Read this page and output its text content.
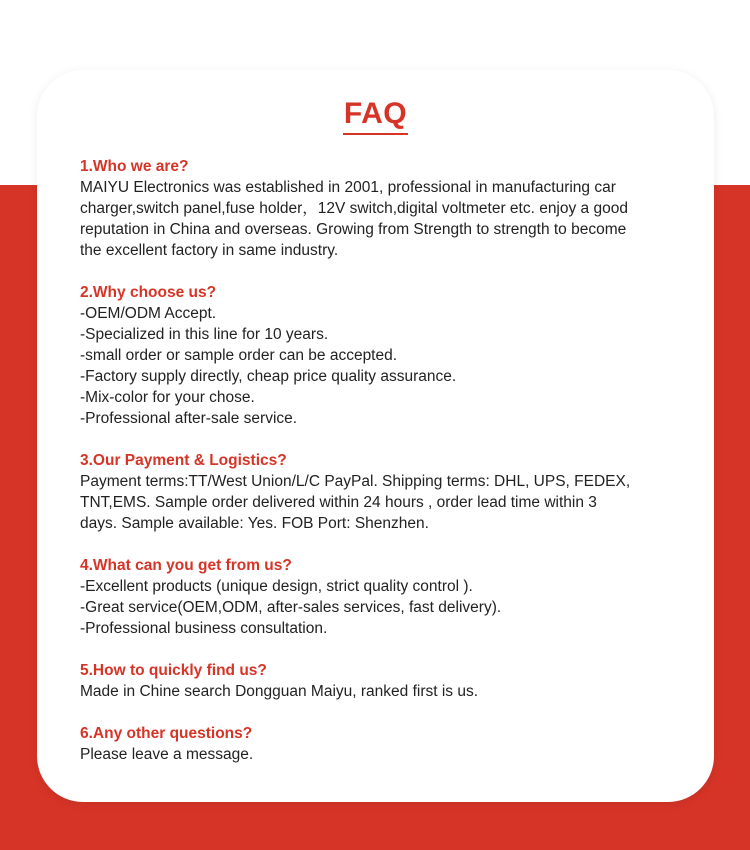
FAQ

1.Who we are?

MAIYU Electronics was established in 2001, professional in manufacturing car

charger,switch panel,fuse holder，12V switch,digital voltmeter etc. enjoy a good

reputation in China and overseas. Growing from Strength to strength to become

the excellent factory in same industry.

2.Why choose us?

-OEM/ODM Accept.

-Specialized in this line for 10 years.

-small order or sample order can be accepted.

-Factory supply directly, cheap price quality assurance.

-Mix-color for your chose.

-Professional after-sale service.

3.Our Payment & Logistics?

Payment terms:TT/West Union/L/C PayPal. Shipping terms: DHL, UPS, FEDEX,

TNT,EMS. Sample order delivered within 24 hours , order lead time within 3

days. Sample available: Yes. FOB Port: Shenzhen.

4.What can you get from us?

-Excellent products (unique design, strict quality control ).

-Great service(OEM,ODM, after-sales services, fast delivery).

-Professional business consultation.

5.How to quickly find us?

Made in Chine search Dongguan Maiyu, ranked first is us.

6.Any other questions?

Please leave a message.
